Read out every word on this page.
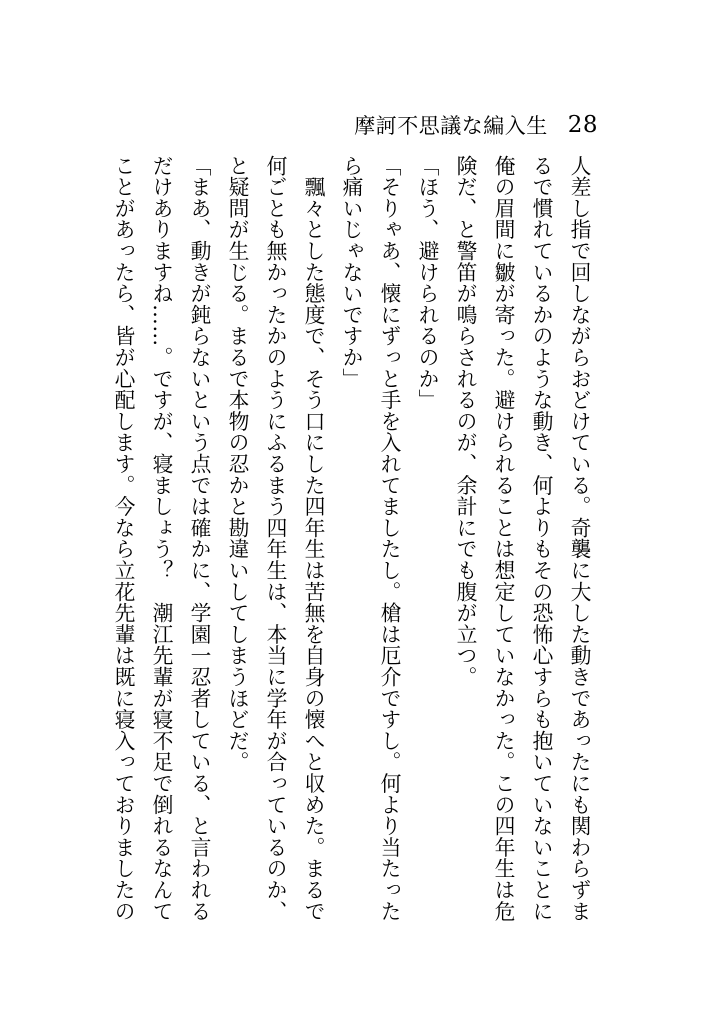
摩訶不思議な編入生 28

人差し指で回しながらおどけている。奇襲に大した動きであったにも関わらずま

るで慣れているかのような動き、何よりもその恐怖心すらも抱いていないことに

俺の眉間に皺が寄った。避けられることは想定していなかった。この四年生は危

険だ、と警笛が鳴らされるのが、余計にでも腹が立つ。

「ほう、避けられるのか」

「そりゃあ、懐にずっと手を入れてましたし。槍は厄介ですし。何より当たった

ら痛いじゃないですか」

　飄々とした態度で、そう口にした四年生は苦無を自身の懐へと収めた。まるで

何ごとも無かったかのようにふるまう四年生は、本当に学年が合っているのか、

と疑問が生じる。まるで本物の忍かと勘違いしてしまうほどだ。

「まあ、動きが鈍らないという点では確かに、学園一忍者している、と言われる

だけありますね……。ですが、寝ましょう？　潮江先輩が寝不足で倒れるなんて

ことがあったら、皆が心配します。今なら立花先輩は既に寝入っておりましたの
